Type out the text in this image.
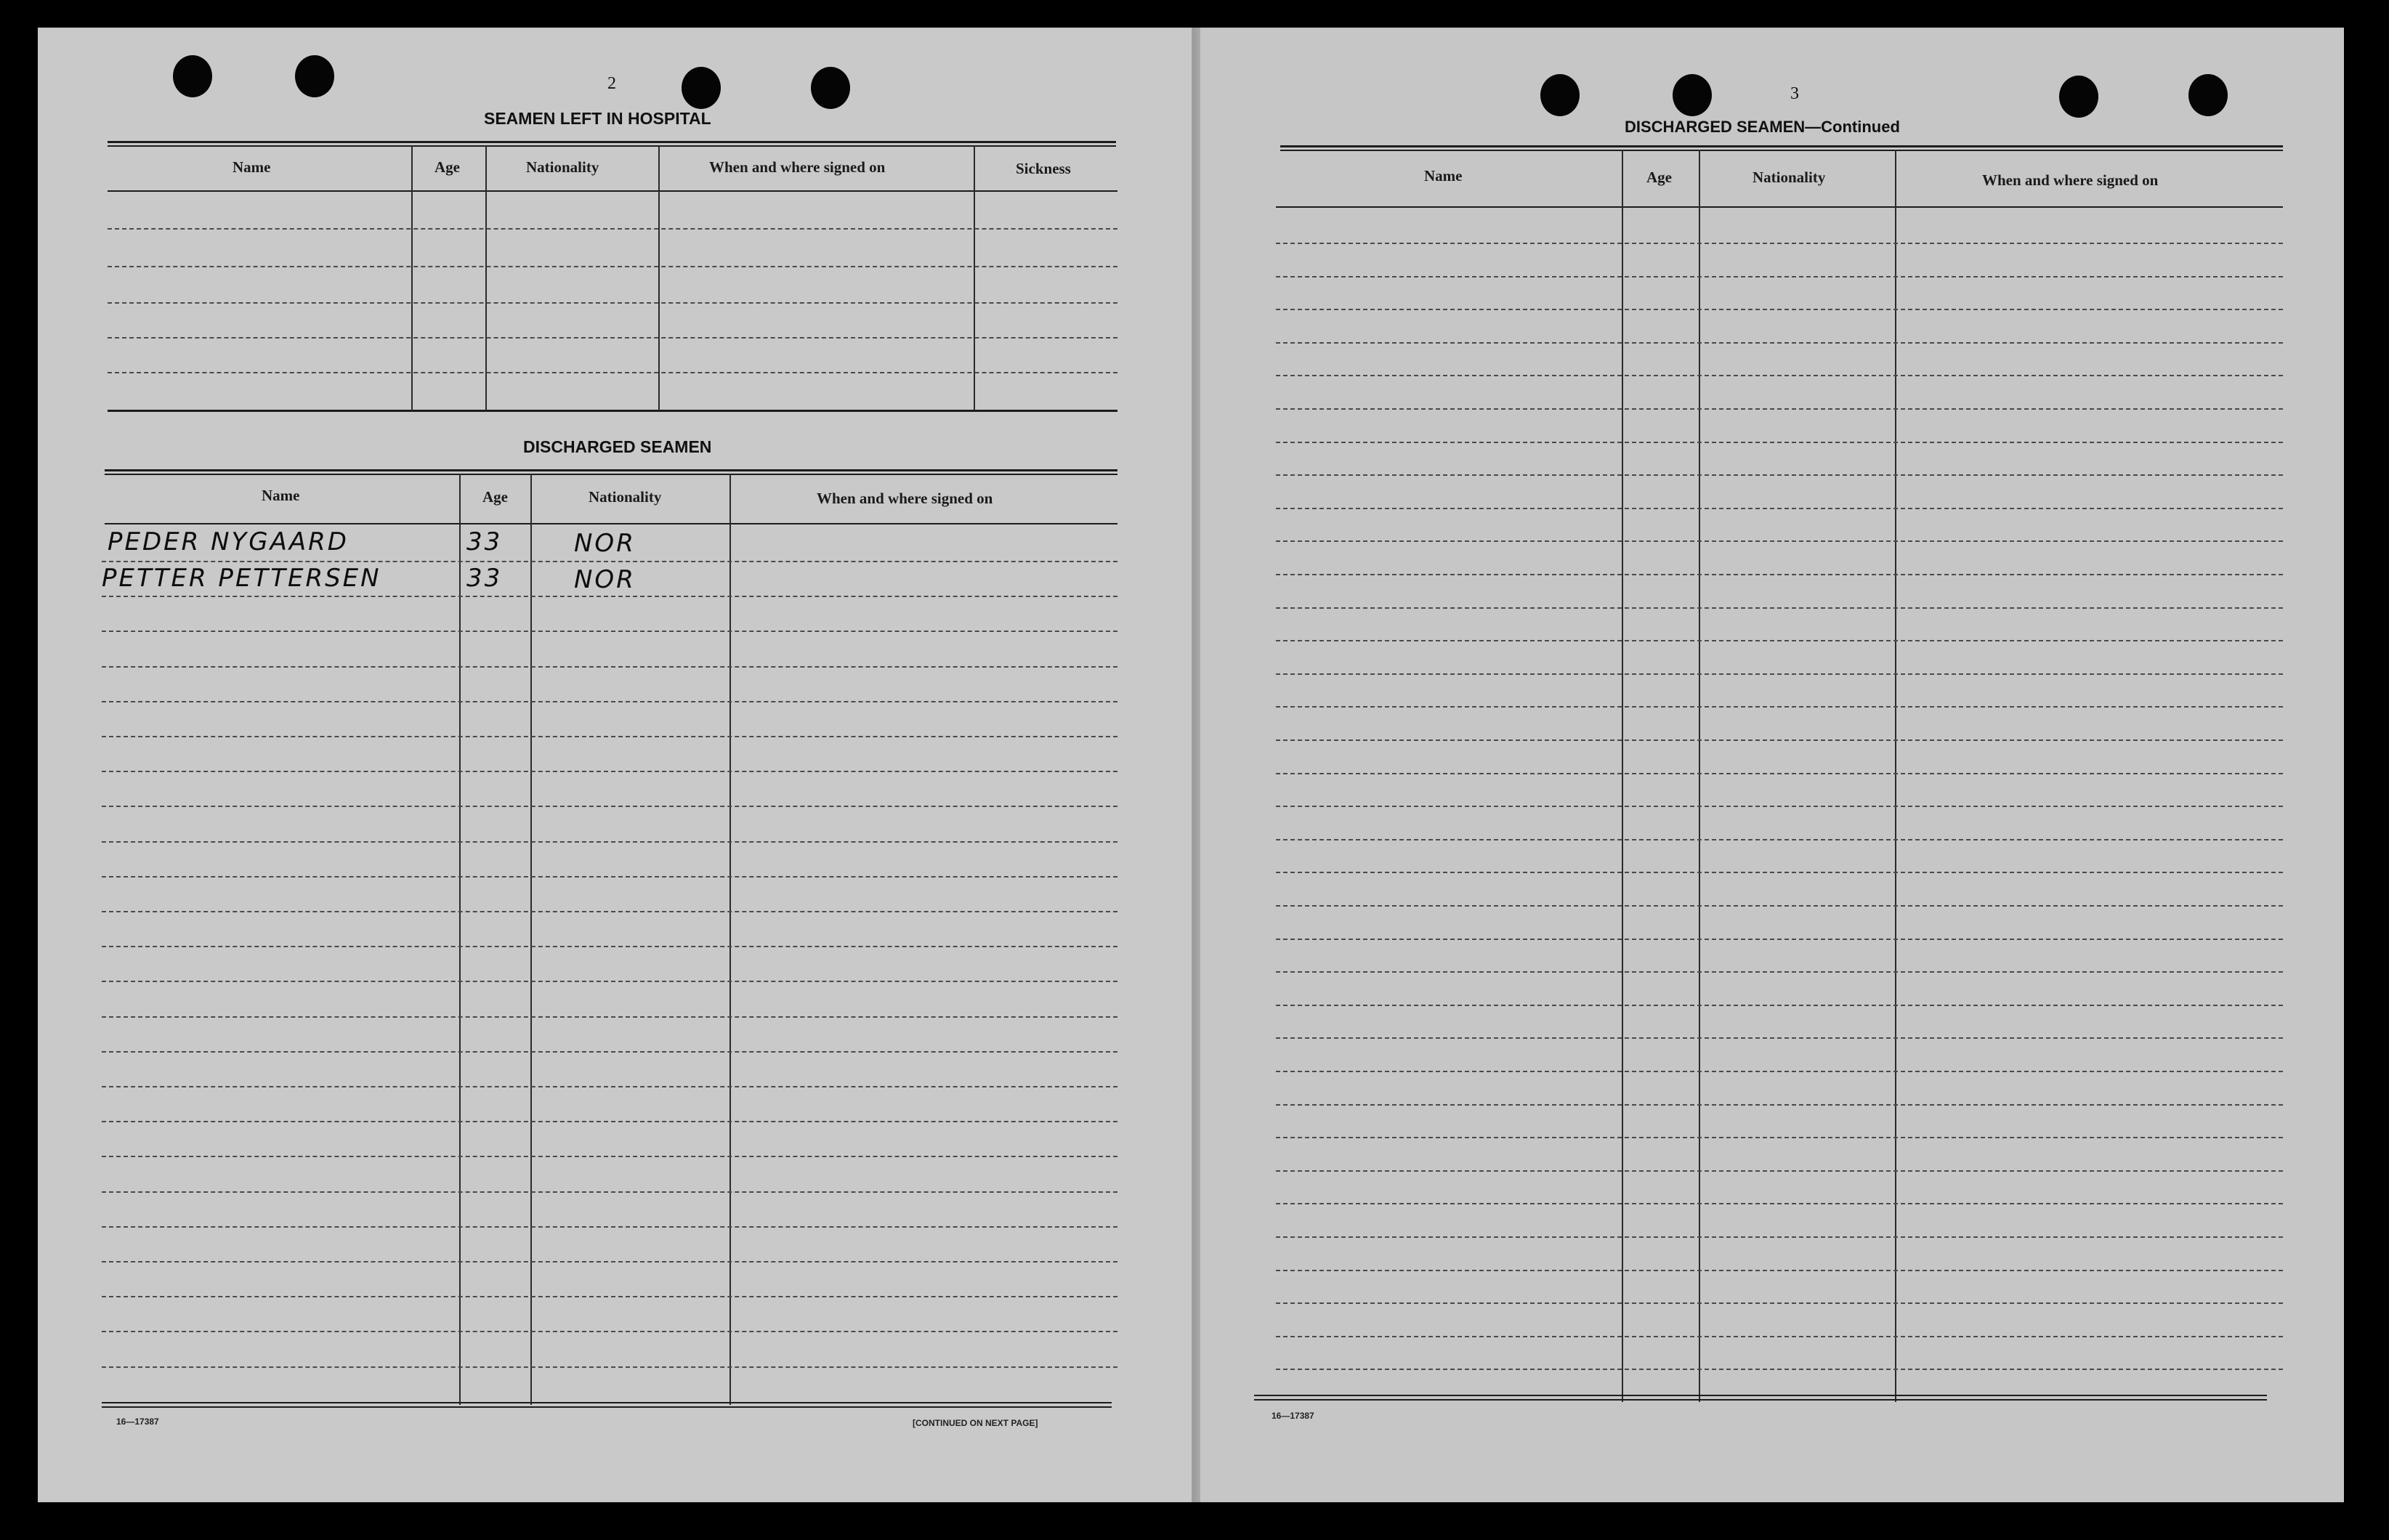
2
SEAMEN LEFT IN HOSPITAL
Name	Age	Nationality	When and where signed on	Sickness
DISCHARGED SEAMEN
Name	Age	Nationality	When and where signed on
PEDER NYGAARD	33	NOR
PETTER PETTERSEN	33	NOR
16—17387	[CONTINUED ON NEXT PAGE]
3
DISCHARGED SEAMEN—Continued
Name	Age	Nationality	When and where signed on
16—17387
